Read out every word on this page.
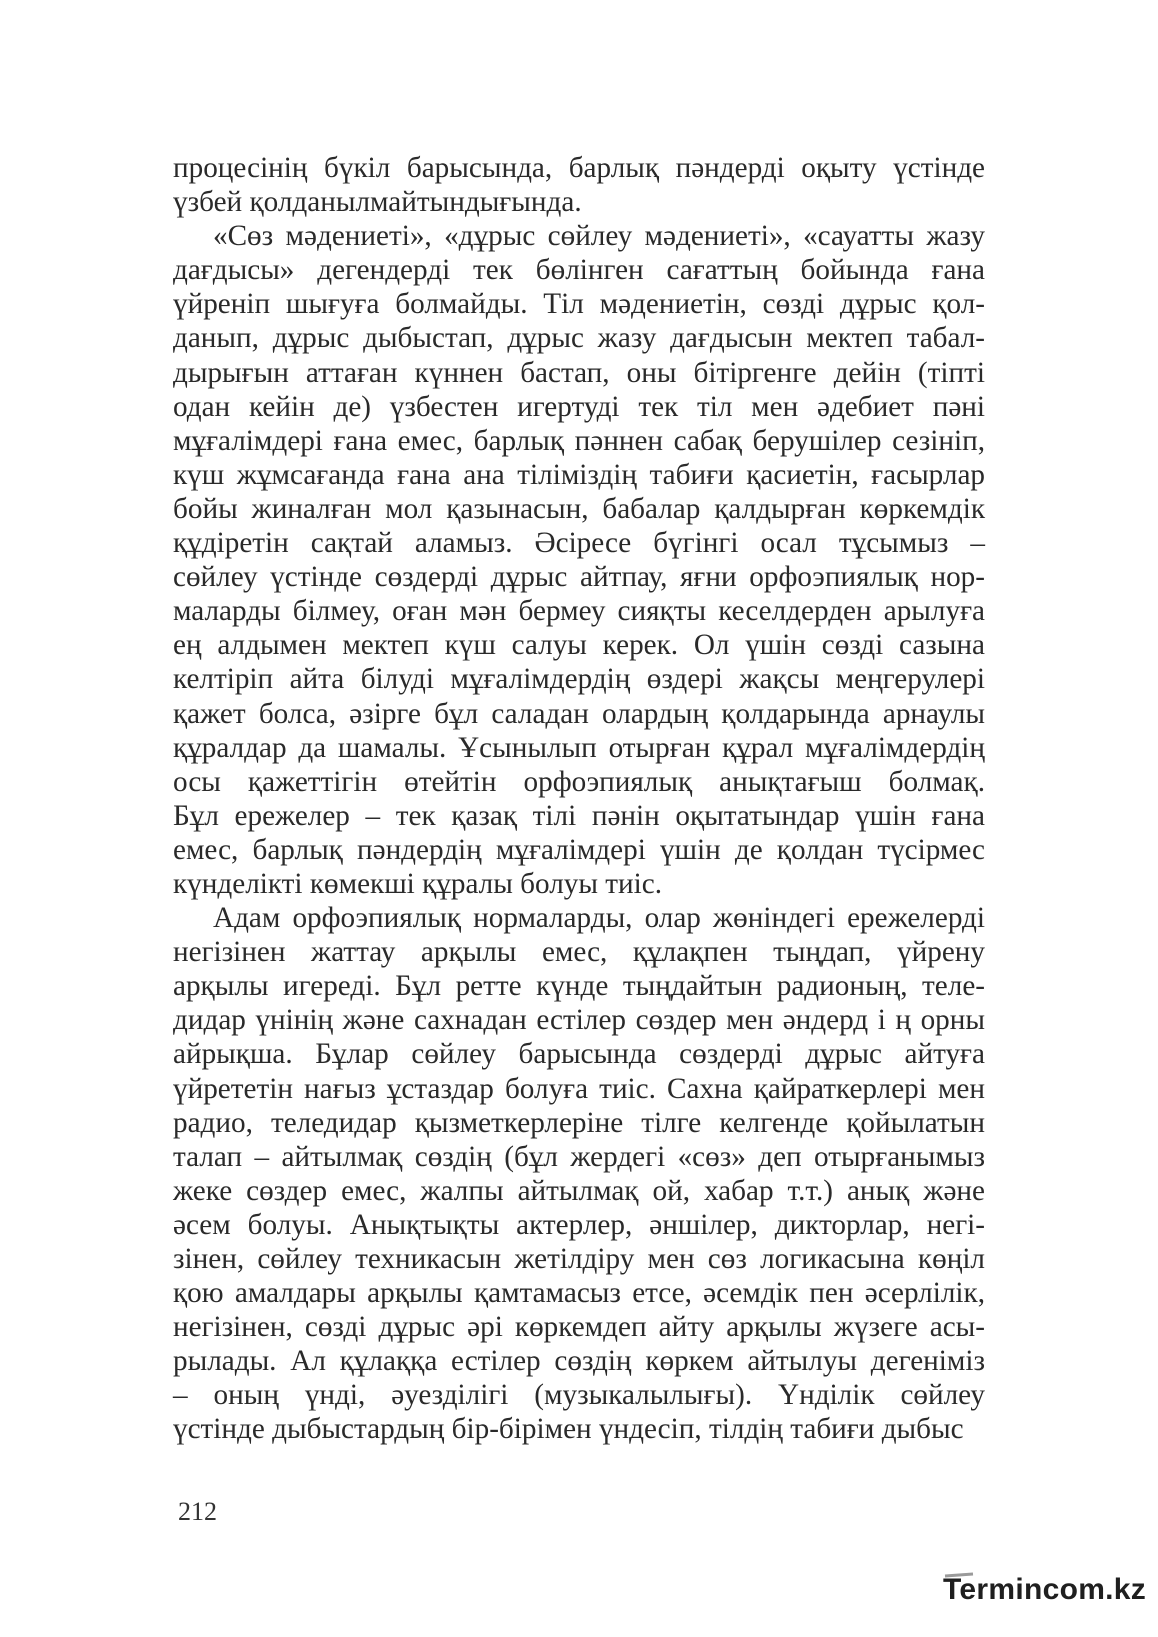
процесінің бүкіл барысында, барлық пәндерді оқыту үстінде
үзбей қолданылмайтындығында.

«Сөз мәдениеті», «дұрыс сөйлеу мәдениеті», «сауатты жазу
дағдысы» дегендерді тек бөлінген сағаттың бойында ғана
үйреніп шығуға болмайды. Тіл мәдениетін, сөзді дұрыс қол-
данып, дұрыс дыбыстап, дұрыс жазу дағдысын мектеп табал-
дырығын аттаған күннен бастап, оны бітіргенге дейін (тіпті
одан кейін де) үзбестен игертуді тек тіл мен әдебиет пәні
мұғалімдері ғана емес, барлық пәннен сабақ берушілер сезініп,
күш жұмсағанда ғана ана тіліміздің табиғи қасиетін, ғасырлар
бойы жиналған мол қазынасын, бабалар қалдырған көркемдік
құдіретін сақтай аламыз. Әсіресе бүгінгі осал тұсымыз –
сөйлеу үстінде сөздерді дұрыс айтпау, яғни орфоэпиялық нор-
маларды білмеу, оған мән бермеу сияқты кеселдерден арылуға
ең алдымен мектеп күш салуы керек. Ол үшін сөзді сазына
келтіріп айта білуді мұғалімдердің өздері жақсы меңгерулері
қажет болса, әзірге бұл саладан олардың қолдарында арнаулы
құралдар да шамалы. Ұсынылып отырған құрал мұғалімдердің
осы қажеттігін өтейтін орфоэпиялық анықтағыш болмақ.
Бұл ережелер – тек қазақ тілі пәнін оқытатындар үшін ғана
емес, барлық пәндердің мұғалімдері үшін де қолдан түсірмес
күнделікті көмекші құралы болуы тиіс.

Адам орфоэпиялық нормаларды, олар жөніндегі ережелерді
негізінен жаттау арқылы емес, құлақпен тыңдап, үйрену
арқылы игереді. Бұл ретте күнде тыңдайтын радионың, теле-
дидар үнінің және сахнадан естілер сөздер мен әндерд і ң орны
айрықша. Бұлар сөйлеу барысында сөздерді дұрыс айтуға
үйрететін нағыз ұстаздар болуға тиіс. Сахна қайраткерлері мен
радио, теледидар қызметкерлеріне тілге келгенде қойылатын
талап – айтылмақ сөздің (бұл жердегі «сөз» деп отырғанымыз
жеке сөздер емес, жалпы айтылмақ ой, хабар т.т.) анық және
әсем болуы. Анықтықты актерлер, әншілер, дикторлар, негі-
зінен, сөйлеу техникасын жетілдіру мен сөз логикасына көңіл
қою амалдары арқылы қамтамасыз етсе, әсемдік пен әсерлілік,
негізінен, сөзді дұрыс әрі көркемдеп айту арқылы жүзеге асы-
рылады. Ал құлаққа естілер сөздің көркем айтылуы дегеніміз
– оның үнді, әуезділігі (музыкалылығы). Үнділік сөйлеу
үстінде дыбыстардың бір-бірімен үндесіп, тілдің табиғи дыбыс

212
Termincom.kz
